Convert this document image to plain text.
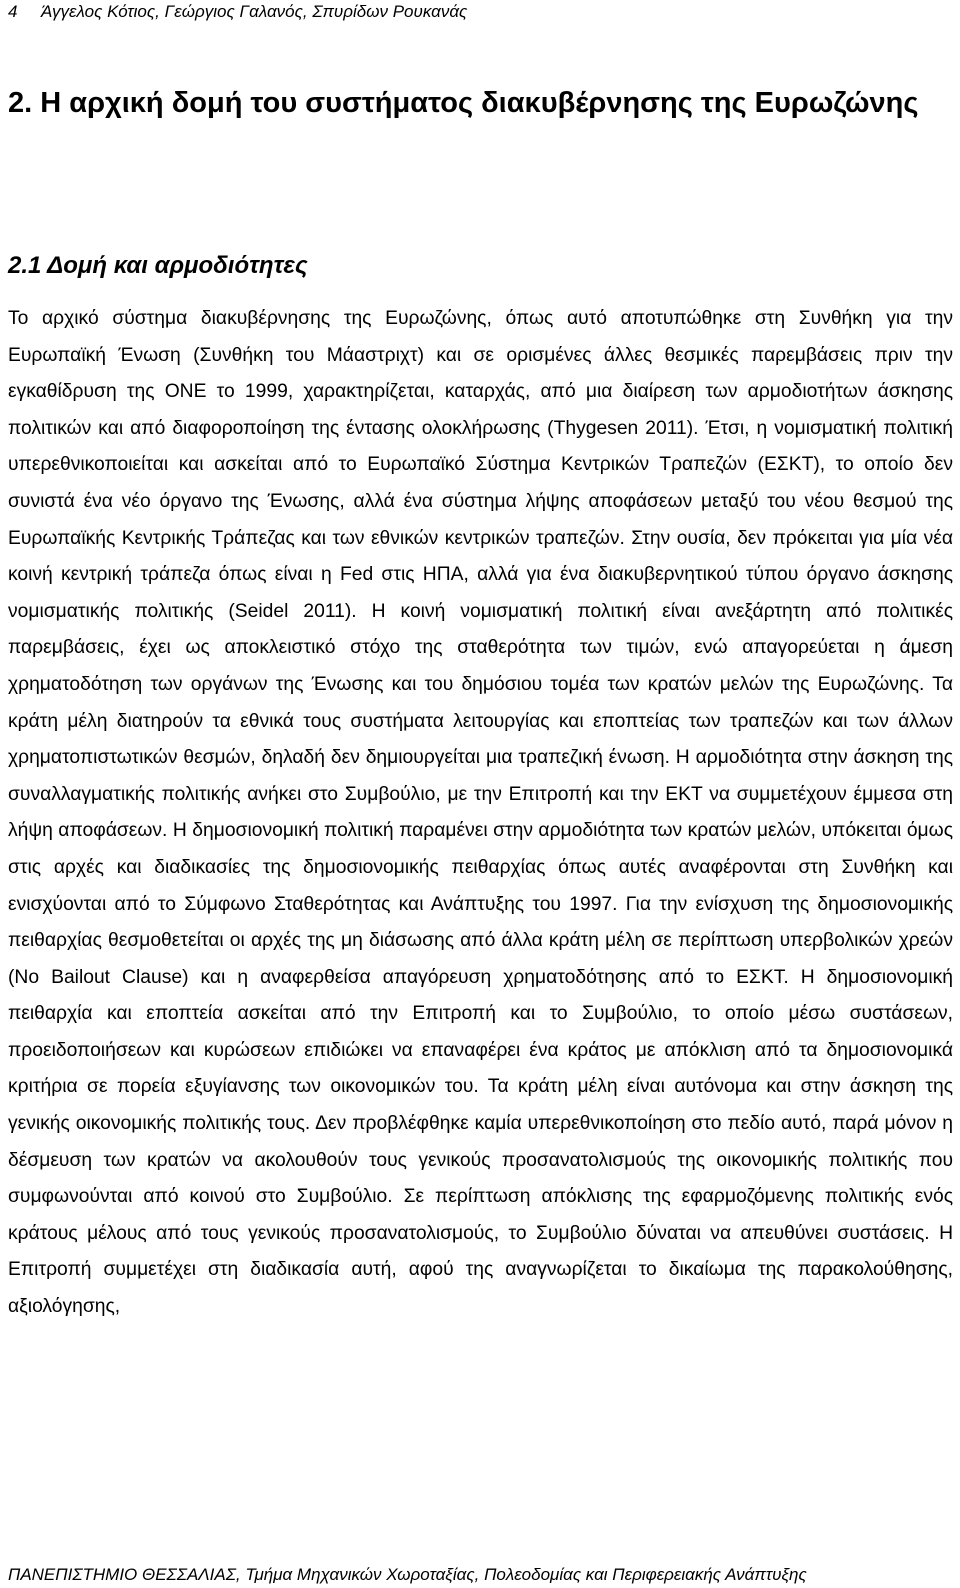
4 Άγγελος Κότιος, Γεώργιος Γαλανός, Σπυρίδων Ρουκανάς
2. Η αρχική δομή του συστήματος διακυβέρνησης της Ευρωζώνης
2.1 Δομή και αρμοδιότητες

Το αρχικό σύστημα διακυβέρνησης της Ευρωζώνης, όπως αυτό αποτυπώθηκε στη Συνθήκη για την Ευρωπαϊκή Ένωση (Συνθήκη του Μάαστριχτ) και σε ορισμένες άλλες θεσμικές παρεμβάσεις πριν την εγκαθίδρυση της ΟΝΕ το 1999, χαρακτηρίζεται, καταρχάς, από μια διαίρεση των αρμοδιοτήτων άσκησης πολιτικών και από διαφοροποίηση της έντασης ολοκλήρωσης (Thygesen 2011). Έτσι, η νομισματική πολιτική υπερεθνικοποιείται και ασκείται από το Ευρωπαϊκό Σύστημα Κεντρικών Τραπεζών (ΕΣΚΤ), το οποίο δεν συνιστά ένα νέο όργανο της Ένωσης, αλλά ένα σύστημα λήψης αποφάσεων μεταξύ του νέου θεσμού της Ευρωπαϊκής Κεντρικής Τράπεζας και των εθνικών κεντρικών τραπεζών. Στην ουσία, δεν πρόκειται για μία νέα κοινή κεντρική τράπεζα όπως είναι η Fed στις ΗΠΑ, αλλά για ένα διακυβερνητικού τύπου όργανο άσκησης νομισματικής πολιτικής (Seidel 2011). Η κοινή νομισματική πολιτική είναι ανεξάρτητη από πολιτικές παρεμβάσεις, έχει ως αποκλειστικό στόχο της σταθερότητα των τιμών, ενώ απαγορεύεται η άμεση χρηματοδότηση των οργάνων της Ένωσης και του δημόσιου τομέα των κρατών μελών της Ευρωζώνης. Τα κράτη μέλη διατηρούν τα εθνικά τους συστήματα λειτουργίας και εποπτείας των τραπεζών και των άλλων χρηματοπιστωτικών θεσμών, δηλαδή δεν δημιουργείται μια τραπεζική ένωση. Η αρμοδιότητα στην άσκηση της συναλλαγματικής πολιτικής ανήκει στο Συμβούλιο, με την Επιτροπή και την ΕΚΤ να συμμετέχουν έμμεσα στη λήψη αποφάσεων. Η δημοσιονομική πολιτική παραμένει στην αρμοδιότητα των κρατών μελών, υπόκειται όμως στις αρχές και διαδικασίες της δημοσιονομικής πειθαρχίας όπως αυτές αναφέρονται στη Συνθήκη και ενισχύονται από το Σύμφωνο Σταθερότητας και Ανάπτυξης του 1997. Για την ενίσχυση της δημοσιονομικής πειθαρχίας θεσμοθετείται οι αρχές της μη διάσωσης από άλλα κράτη μέλη σε περίπτωση υπερβολικών χρεών (No Bailout Clause) και η αναφερθείσα απαγόρευση χρηματοδότησης από το ΕΣΚΤ. Η δημοσιονομική πειθαρχία και εποπτεία ασκείται από την Επιτροπή και το Συμβούλιο, το οποίο μέσω συστάσεων, προειδοποιήσεων και κυρώσεων επιδιώκει να επαναφέρει ένα κράτος με απόκλιση από τα δημοσιονομικά κριτήρια σε πορεία εξυγίανσης των οικονομικών του. Τα κράτη μέλη είναι αυτόνομα και στην άσκηση της γενικής οικονομικής πολιτικής τους. Δεν προβλέφθηκε καμία υπερεθνικοποίηση στο πεδίο αυτό, παρά μόνον η δέσμευση των κρατών να ακολουθούν τους γενικούς προσανατολισμούς της οικονομικής πολιτικής που συμφωνούνται από κοινού στο Συμβούλιο. Σε περίπτωση απόκλισης της εφαρμοζόμενης πολιτικής ενός κράτους μέλους από τους γενικούς προσανατολισμούς, το Συμβούλιο δύναται να απευθύνει συστάσεις. Η Επιτροπή συμμετέχει στη διαδικασία αυτή, αφού της αναγνωρίζεται το δικαίωμα της παρακολούθησης, αξιολόγησης,

ΠΑΝΕΠΙΣΤΗΜΙΟ ΘΕΣΣΑΛΙΑΣ, Τμήμα Μηχανικών Χωροταξίας, Πολεοδομίας και Περιφερειακής Ανάπτυξης
